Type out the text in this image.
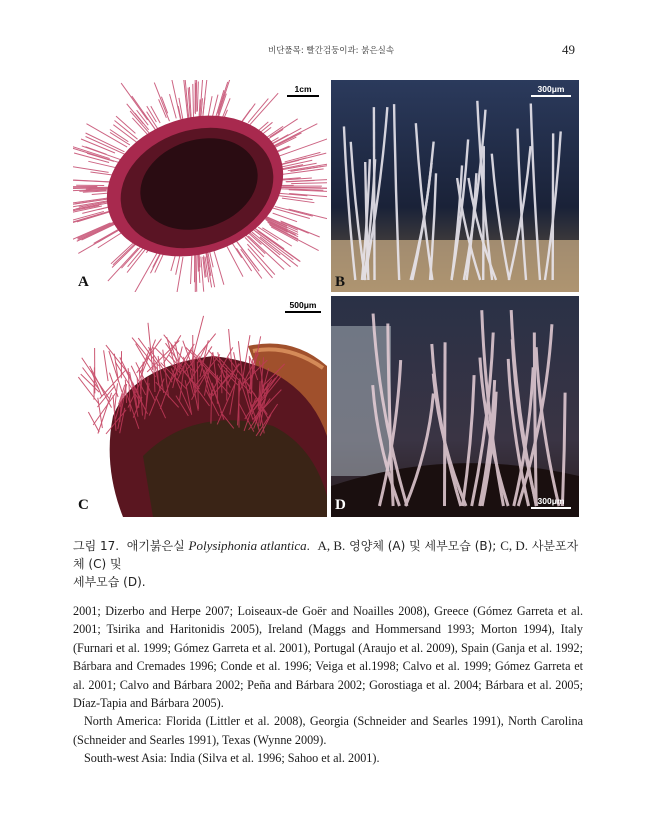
비단풀목: 빨간검둥이과: 붉은실속	49
A
1cm
B
300μm
C
500μm
D	300μm
그림 17. 애기붉은실 Polysiphonia atlantica. A, B. 영양체 (A) 및 세부모습 (B); C, D. 사분포자체 (C) 및
세부모습 (D).

2001; Dizerbo and Herpe 2007; Loiseaux-de Goër and Noailles 2008), Greece (Gómez Garreta et al. 2001; Tsirika and Haritonidis 2005), Ireland (Maggs and Hommersand 1993; Morton 1994), Italy (Furnari et al. 1999; Gómez Garreta et al. 2001), Portugal (Araujo et al. 2009), Spain (Ganja et al. 1992; Bárbara and Cremades 1996; Conde et al. 1996; Veiga et al.1998; Calvo et al. 1999; Gómez Garreta et al. 2001; Calvo and Bárbara 2002; Peña and Bárbara 2002; Gorostiaga et al. 2004; Bárbara et al. 2005; Díaz-Tapia and Bárbara 2005).

North America: Florida (Littler et al. 2008), Georgia (Schneider and Searles 1991), North Carolina (Schneider and Searles 1991), Texas (Wynne 2009).

South-west Asia: India (Silva et al. 1996; Sahoo et al. 2001).
